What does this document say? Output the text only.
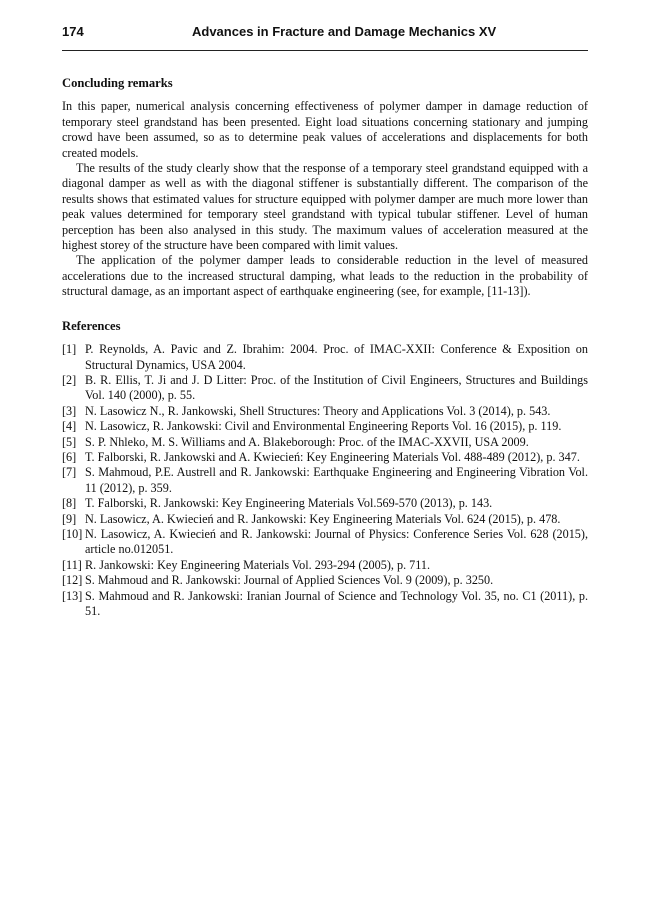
174	Advances in Fracture and Damage Mechanics XV
Concluding remarks

In this paper, numerical analysis concerning effectiveness of polymer damper in damage reduction of temporary steel grandstand has been presented. Eight load situations concerning stationary and jumping crowd have been assumed, so as to determine peak values of accelerations and displacements for both created models.

The results of the study clearly show that the response of a temporary steel grandstand equipped with a diagonal damper as well as with the diagonal stiffener is substantially different. The comparison of the results shows that estimated values for structure equipped with polymer damper are much more lower than peak values determined for temporary steel grandstand with typical tubular stiffener. Level of human perception has been also analysed in this study. The maximum values of acceleration measured at the highest storey of the structure have been compared with limit values.

The application of the polymer damper leads to considerable reduction in the level of measured accelerations due to the increased structural damping, what leads to the reduction in the probability of structural damage, as an important aspect of earthquake engineering (see, for example, [11-13]).

References
[1] P. Reynolds, A. Pavic and Z. Ibrahim: 2004. Proc. of IMAC-XXII: Conference & Exposition on Structural Dynamics, USA 2004.
[2] B. R. Ellis, T. Ji and J. D Litter: Proc. of the Institution of Civil Engineers, Structures and Buildings Vol. 140 (2000), p. 55.
[3] N. Lasowicz N., R. Jankowski, Shell Structures: Theory and Applications Vol. 3 (2014), p. 543.
[4] N. Lasowicz, R. Jankowski: Civil and Environmental Engineering Reports Vol. 16 (2015), p. 119.
[5] S. P. Nhleko, M. S. Williams and A. Blakeborough: Proc. of the IMAC-XXVII, USA 2009.
[6] T. Falborski, R. Jankowski and A. Kwiecień: Key Engineering Materials Vol. 488-489 (2012), p. 347.
[7] S. Mahmoud, P.E. Austrell and R. Jankowski: Earthquake Engineering and Engineering Vibration Vol. 11 (2012), p. 359.
[8] T. Falborski, R. Jankowski: Key Engineering Materials Vol.569-570 (2013), p. 143.
[9] N. Lasowicz, A. Kwiecień and R. Jankowski: Key Engineering Materials Vol. 624 (2015), p. 478.
[10] N. Lasowicz, A. Kwiecień and R. Jankowski: Journal of Physics: Conference Series Vol. 628 (2015), article no.012051.
[11] R. Jankowski: Key Engineering Materials Vol. 293-294 (2005), p. 711.
[12] S. Mahmoud and R. Jankowski: Journal of Applied Sciences Vol. 9 (2009), p. 3250.
[13] S. Mahmoud and R. Jankowski: Iranian Journal of Science and Technology Vol. 35, no. C1 (2011), p. 51.
